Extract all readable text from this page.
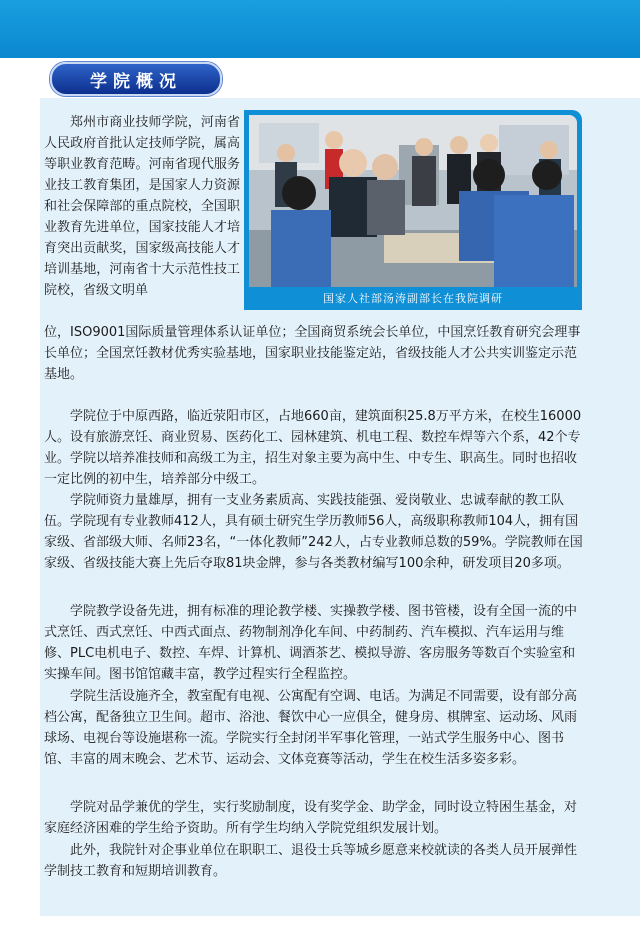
学院概况
国家人社部汤涛副部长在我院调研

郑州市商业技师学院，河南省人民政府首批认定技师学院，属高等职业教育范畴。河南省现代服务业技工教育集团，是国家人力资源和社会保障部的重点院校，全国职业教育先进单位，国家技能人才培育突出贡献奖，国家级高技能人才培训基地，河南省十大示范性技工院校，省级文明单

位，ISO9001国际质量管理体系认证单位；全国商贸系统会长单位，中国烹饪教育研究会理事长单位；全国烹饪教材优秀实验基地，国家职业技能鉴定站，省级技能人才公共实训鉴定示范基地。

学院位于中原西路，临近荥阳市区，占地660亩，建筑面积25.8万平方米，在校生16000人。设有旅游烹饪、商业贸易、医药化工、园林建筑、机电工程、数控车焊等六个系，42个专业。学院以培养准技师和高级工为主，招生对象主要为高中生、中专生、职高生。同时也招收一定比例的初中生，培养部分中级工。

学院师资力量雄厚，拥有一支业务素质高、实践技能强、爱岗敬业、忠诚奉献的教工队伍。学院现有专业教师412人，具有硕士研究生学历教师56人，高级职称教师104人，拥有国家级、省部级大师、名师23名，“一体化教师”242人，占专业教师总数的59%。学院教师在国家级、省级技能大赛上先后夺取81块金牌，参与各类教材编写100余种，研发项目20多项。

学院教学设备先进，拥有标准的理论教学楼、实操教学楼、图书管楼，设有全国一流的中式烹饪、西式烹饪、中西式面点、药物制剂净化车间、中药制药、汽车模拟、汽车运用与维修、PLC电机电子、数控、车焊、计算机、调酒茶艺、模拟导游、客房服务等数百个实验室和实操车间。图书馆馆藏丰富，教学过程实行全程监控。

学院生活设施齐全，教室配有电视、公寓配有空调、电话。为满足不同需要，设有部分高档公寓，配备独立卫生间。超市、浴池、餐饮中心一应俱全，健身房、棋牌室、运动场、风雨球场、电视台等设施堪称一流。学院实行全封闭半军事化管理，一站式学生服务中心、图书馆、丰富的周末晚会、艺术节、运动会、文体竞赛等活动，学生在校生活多姿多彩。

学院对品学兼优的学生，实行奖励制度，设有奖学金、助学金，同时设立特困生基金，对家庭经济困难的学生给予资助。所有学生均纳入学院党组织发展计划。

此外，我院针对企事业单位在职职工、退役士兵等城乡愿意来校就读的各类人员开展弹性学制技工教育和短期培训教育。
